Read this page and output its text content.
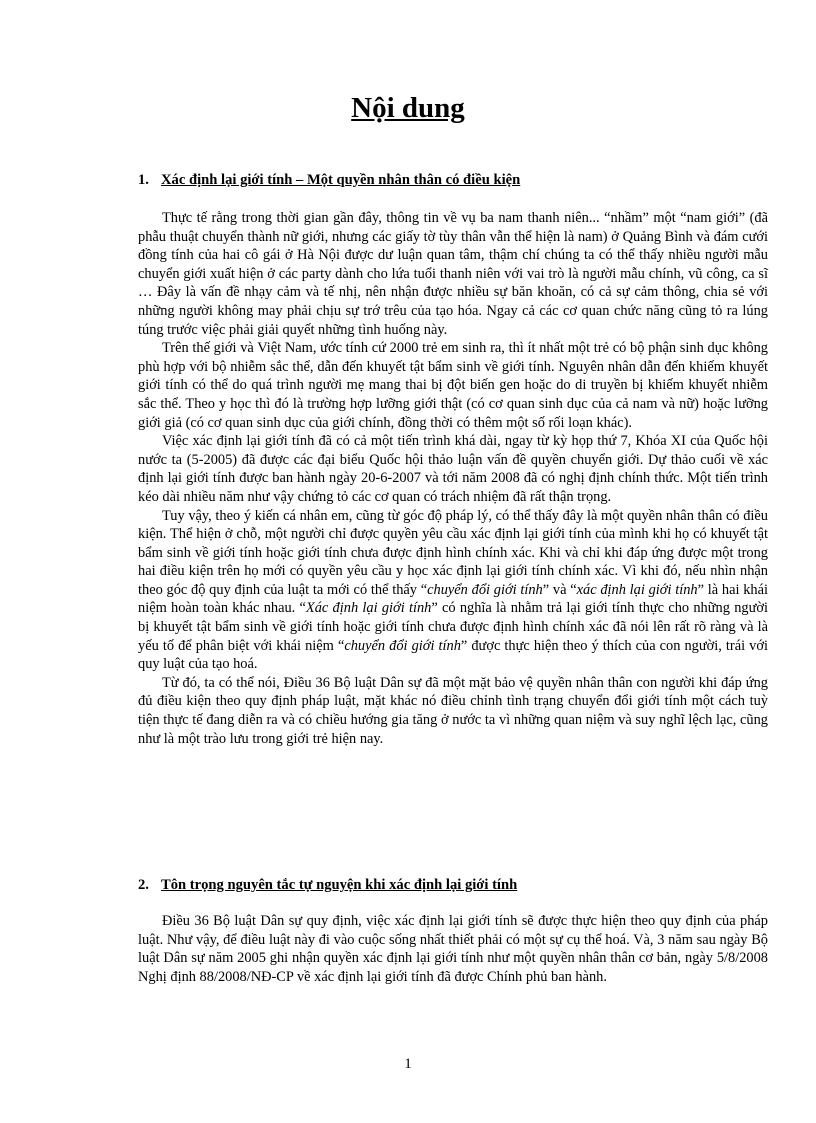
Nội dung
1. Xác định lại giới tính – Một quyền nhân thân có điều kiện

Thực tế rằng trong thời gian gần đây, thông tin về vụ ba nam thanh niên... “nhầm” một “nam giới” (đã phẫu thuật chuyển thành nữ giới, nhưng các giấy tờ tùy thân vẫn thể hiện là nam) ở Quảng Bình và đám cưới đồng tính của hai cô gái ở Hà Nội được dư luận quan tâm, thậm chí chúng ta có thể thấy nhiều người mẫu chuyển giới xuất hiện ở các party dành cho lứa tuổi thanh niên với vai trò là người mẫu chính, vũ công, ca sĩ … Đây là vấn đề nhạy cảm và tế nhị, nên nhận được nhiều sự băn khoăn, có cả sự cảm thông, chia sẻ với những người không may phải chịu sự trớ trêu của tạo hóa. Ngay cả các cơ quan chức năng cũng tỏ ra lúng túng trước việc phải giải quyết những tình huống này.

Trên thế giới và Việt Nam, ước tính cứ 2000 trẻ em sinh ra, thì ít nhất một trẻ có bộ phận sinh dục không phù hợp với bộ nhiễm sắc thể, dẫn đến khuyết tật bẩm sinh về giới tính. Nguyên nhân dẫn đến khiếm khuyết giới tính có thể do quá trình người mẹ mang thai bị đột biến gen hoặc do di truyền bị khiếm khuyết nhiễm sắc thể. Theo y học thì đó là trường hợp lưỡng giới thật (có cơ quan sinh dục của cả nam và nữ) hoặc lưỡng giới giả (có cơ quan sinh dục của giới chính, đồng thời có thêm một số rối loạn khác).

Việc xác định lại giới tính đã có cả một tiến trình khá dài, ngay từ kỳ họp thứ 7, Khóa XI của Quốc hội nước ta (5-2005) đã được các đại biểu Quốc hội thảo luận vấn đề quyền chuyển giới. Dự thảo cuối về xác định lại giới tính được ban hành ngày 20-6-2007 và tới năm 2008 đã có nghị định chính thức. Một tiến trình kéo dài nhiều năm như vậy chứng tỏ các cơ quan có trách nhiệm đã rất thận trọng.

Tuy vậy, theo ý kiến cá nhân em, cũng từ góc độ pháp lý, có thể thấy đây là một quyền nhân thân có điều kiện. Thể hiện ở chỗ, một người chỉ được quyền yêu cầu xác định lại giới tính của mình khi họ có khuyết tật bẩm sinh về giới tính hoặc giới tính chưa được định hình chính xác. Khi và chỉ khi đáp ứng được một trong hai điều kiện trên họ mới có quyền yêu cầu y học xác định lại giới tính chính xác. Vì khi đó, nếu nhìn nhận theo góc độ quy định của luật ta mới có thể thấy “chuyển đổi giới tính” và “xác định lại giới tính” là hai khái niệm hoàn toàn khác nhau. “Xác định lại giới tính” có nghĩa là nhằm trả lại giới tính thực cho những người bị khuyết tật bẩm sinh về giới tính hoặc giới tính chưa được định hình chính xác đã nói lên rất rõ ràng và là yếu tố để phân biệt với khái niệm “chuyển đổi giới tính” được thực hiện theo ý thích của con người, trái với quy luật của tạo hoá.

Từ đó, ta có thể nói, Điều 36 Bộ luật Dân sự đã một mặt bảo vệ quyền nhân thân con người khi đáp ứng đủ điều kiện theo quy định pháp luật, mặt khác nó điều chỉnh tình trạng chuyển đổi giới tính một cách tuỳ tiện thực tế đang diễn ra và có chiều hướng gia tăng ở nước ta vì những quan niệm và suy nghĩ lệch lạc, cũng như là một trào lưu trong giới trẻ hiện nay.

2. Tôn trọng nguyên tắc tự nguyện khi xác định lại giới tính

Điều 36 Bộ luật Dân sự quy định, việc xác định lại giới tính sẽ được thực hiện theo quy định của pháp luật. Như vậy, để điều luật này đi vào cuộc sống nhất thiết phải có một sự cụ thể hoá. Và, 3 năm sau ngày Bộ luật Dân sự năm 2005 ghi nhận quyền xác định lại giới tính như một quyền nhân thân cơ bản, ngày 5/8/2008 Nghị định 88/2008/NĐ-CP về xác định lại giới tính đã được Chính phủ ban hành.

1
